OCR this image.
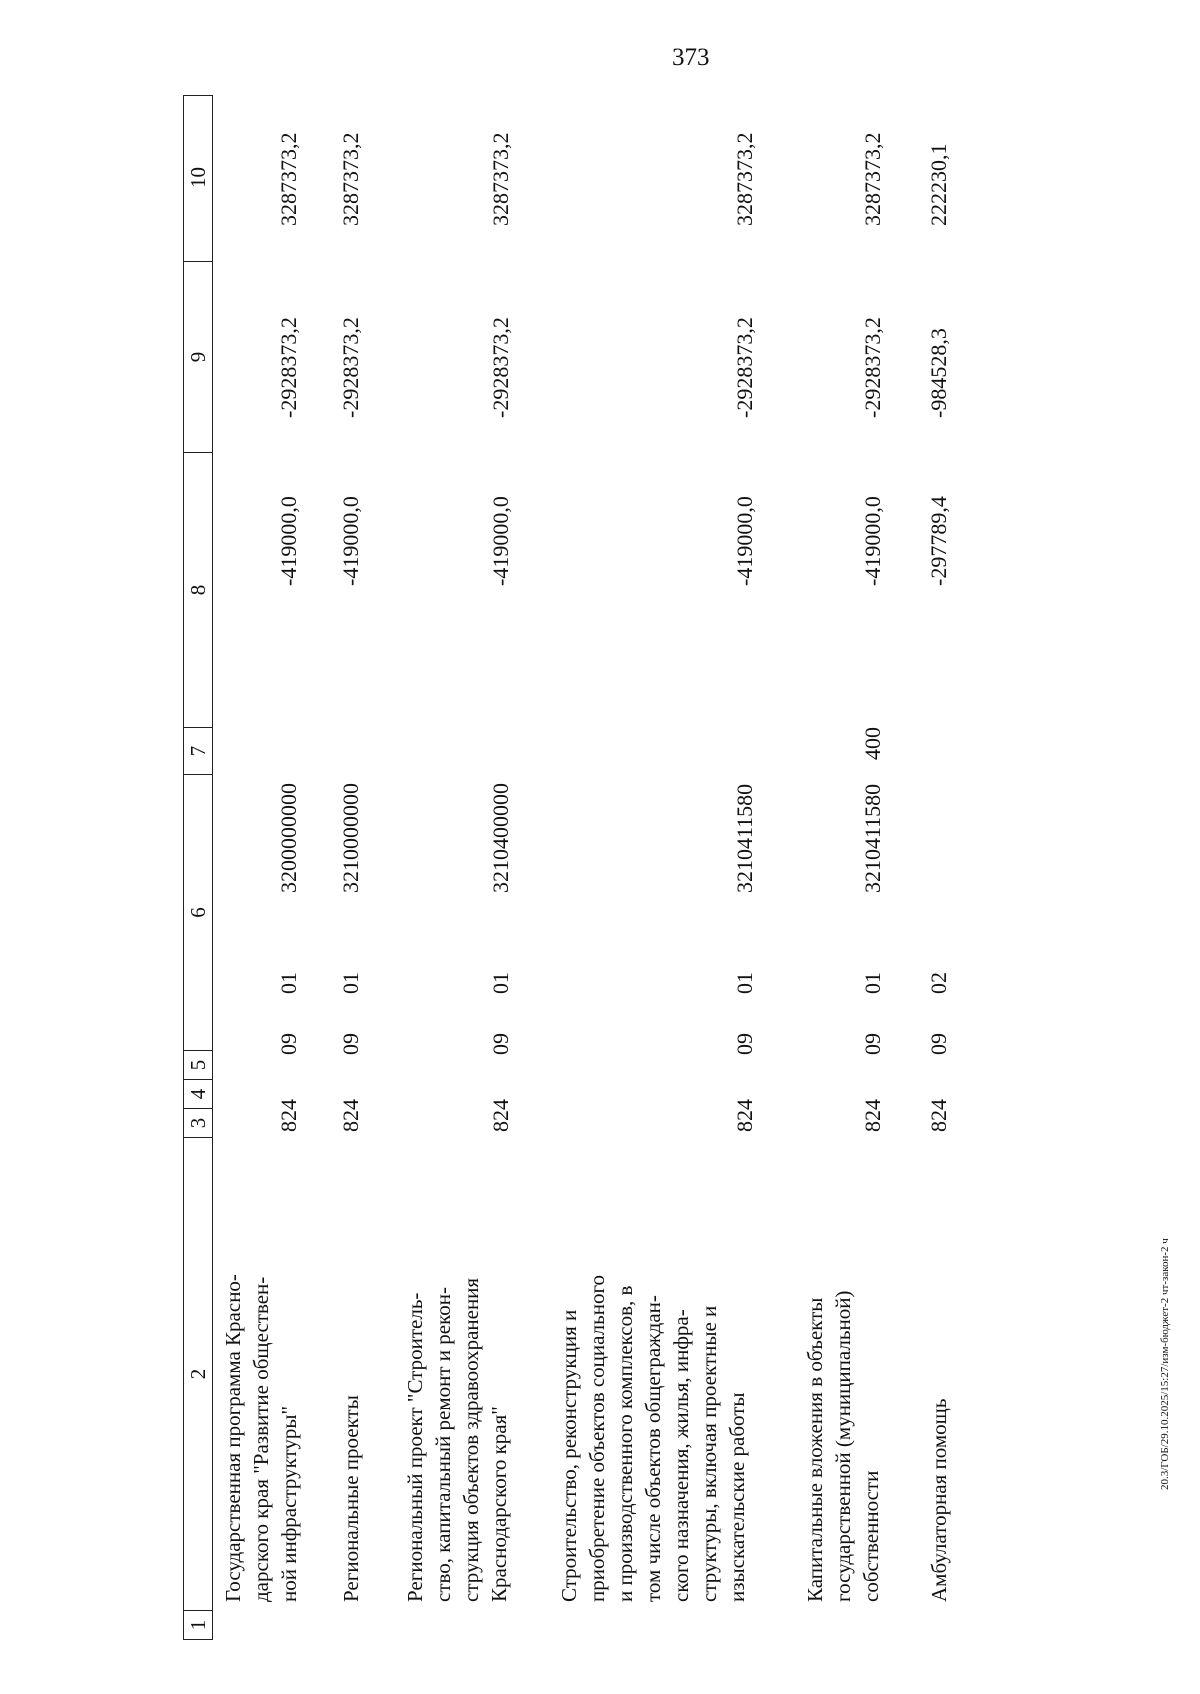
373
20.3/ГОБ/29.10.2025/15:27/изм-бюджет-2 чт-закон-2 ч
1
2
3
4
5
6
7
8
9
10
Государственная программа Красно- дарского края "Развитие обществен- ной инфраструктуры"
824
09
01
3200000000
-419000,0
-2928373,2
3287373,2
Региональные проекты
824
09
01
3210000000
-419000,0
-2928373,2
3287373,2
Региональный проект "Строитель- ство, капитальный ремонт и рекон- струкция объектов здравоохранения Краснодарского края"
824
09
01
3210400000
-419000,0
-2928373,2
3287373,2
Строительство, реконструкция и приобретение объектов социального и производственного комплексов, в том числе объектов общеграждан- ского назначения, жилья, инфра- структуры, включая проектные и изыскательские работы
824
09
01
3210411580
-419000,0
-2928373,2
3287373,2
Капитальные вложения в объекты государственной (муниципальной) собственности
824
09
01
3210411580
400
-419000,0
-2928373,2
3287373,2
Амбулаторная помощь
824
09
02
-297789,4
-984528,3
222230,1
